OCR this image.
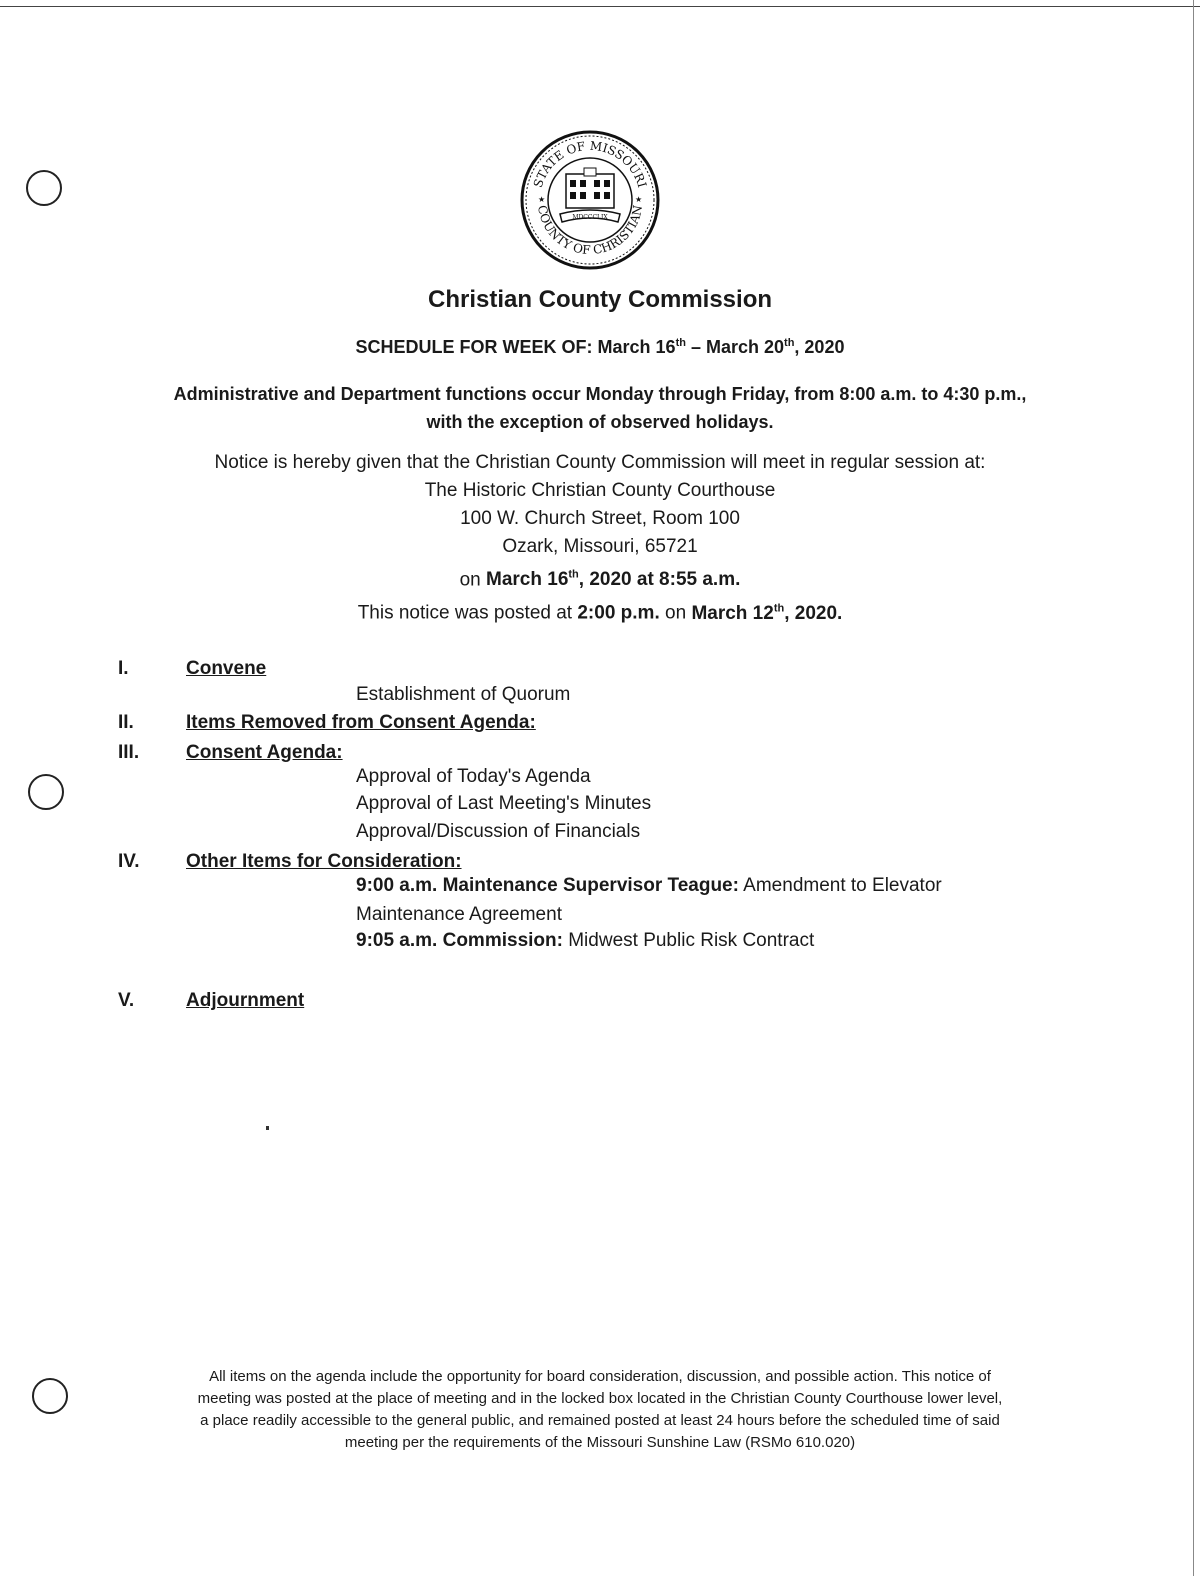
STATE OF MISSOURI
COUNTY OF CHRISTIAN
MDCCCLIX
★	★
Christian County Commission
SCHEDULE FOR WEEK OF: March 16th – March 20th, 2020
Administrative and Department functions occur Monday through Friday, from 8:00 a.m. to 4:30 p.m.,
with the exception of observed holidays.
Notice is hereby given that the Christian County Commission will meet in regular session at:
The Historic Christian County Courthouse
100 W. Church Street, Room 100
Ozark, Missouri, 65721
on March 16th, 2020 at 8:55 a.m.
This notice was posted at 2:00 p.m. on March 12th, 2020.
I.	Convene
Establishment of Quorum
II.	Items Removed from Consent Agenda:
III.	Consent Agenda:
Approval of Today's Agenda
Approval of Last Meeting's Minutes
Approval/Discussion of Financials
IV.	Other Items for Consideration:
9:00 a.m. Maintenance Supervisor Teague: Amendment to Elevator
Maintenance Agreement
9:05 a.m. Commission: Midwest Public Risk Contract
V.	Adjournment
All items on the agenda include the opportunity for board consideration, discussion, and possible action. This notice of
meeting was posted at the place of meeting and in the locked box located in the Christian County Courthouse lower level,
a place readily accessible to the general public, and remained posted at least 24 hours before the scheduled time of said
meeting per the requirements of the Missouri Sunshine Law (RSMo 610.020)
